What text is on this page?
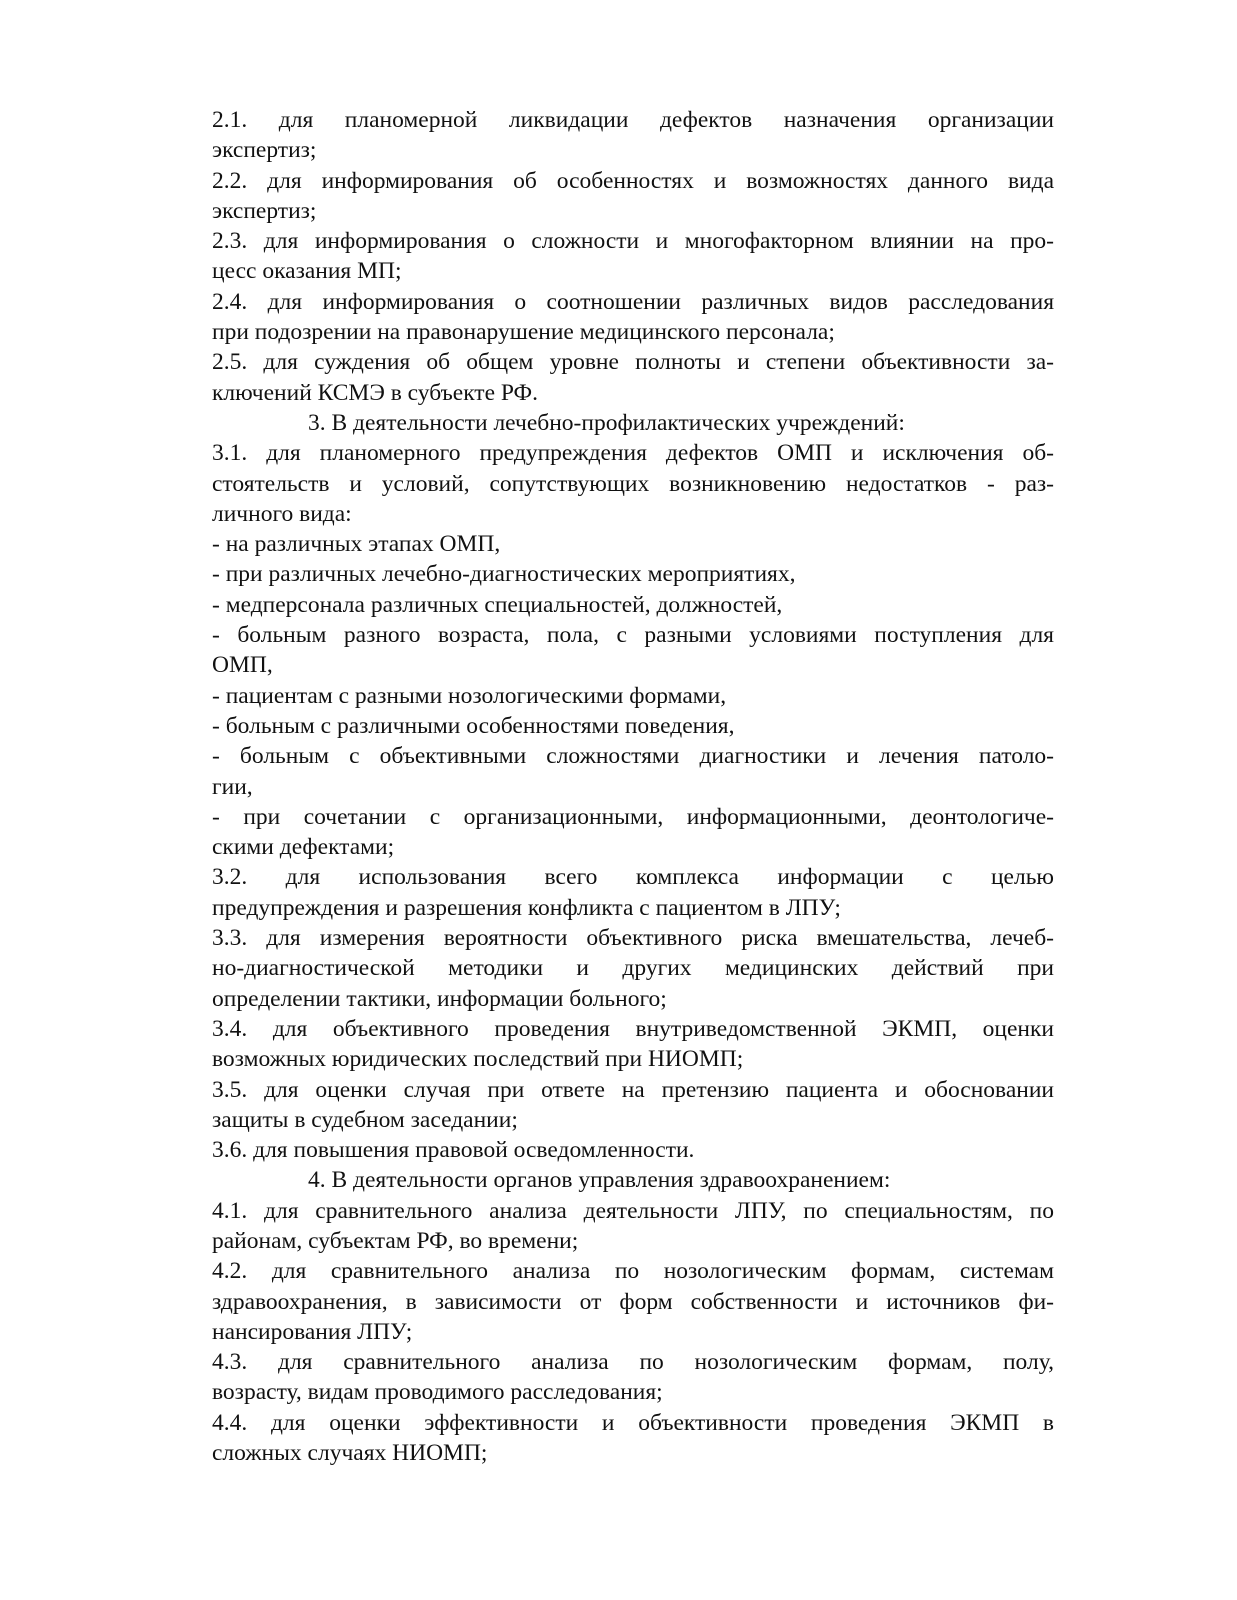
2.1. для планомерной ликвидации дефектов назначения организации
экспертиз;

2.2. для информирования об особенностях и возможностях данного вида
экспертиз;

2.3. для информирования о сложности и многофакторном влиянии на про-
цесс оказания МП;

2.4. для информирования о соотношении различных видов расследования
при подозрении на правонарушение медицинского персонала;

2.5. для суждения об общем уровне полноты и степени объективности за-
ключений КСМЭ в субъекте РФ.

3. В деятельности лечебно-профилактических учреждений:

3.1. для планомерного предупреждения дефектов ОМП и исключения об-
стоятельств и условий, сопутствующих возникновению недостатков - раз-
личного вида:

- на различных этапах ОМП,

- при различных лечебно-диагностических мероприятиях,

- медперсонала различных специальностей, должностей,

- больным разного возраста, пола, с разными условиями поступления для
ОМП,

- пациентам с разными нозологическими формами,

- больным с различными особенностями поведения,

- больным с объективными сложностями диагностики и лечения патоло-
гии,

- при сочетании с организационными, информационными, деонтологиче-
скими дефектами;

3.2. для использования всего комплекса информации с целью
предупреждения и разрешения конфликта с пациентом в ЛПУ;

3.3. для измерения вероятности объективного риска вмешательства, лечеб-
но-диагностической методики и других медицинских действий при
определении тактики, информации больного;

3.4. для объективного проведения внутриведомственной ЭКМП, оценки
возможных юридических последствий при НИОМП;

3.5. для оценки случая при ответе на претензию пациента и обосновании
защиты в судебном заседании;

3.6. для повышения правовой осведомленности.

4. В деятельности органов управления здравоохранением:

4.1. для сравнительного анализа деятельности ЛПУ, по специальностям, по
районам, субъектам РФ, во времени;

4.2. для сравнительного анализа по нозологическим формам, системам
здравоохранения, в зависимости от форм собственности и источников фи-
нансирования ЛПУ;

4.3. для сравнительного анализа по нозологическим формам, полу,
возрасту, видам проводимого расследования;

4.4. для оценки эффективности и объективности проведения ЭКМП в
сложных случаях НИОМП;
